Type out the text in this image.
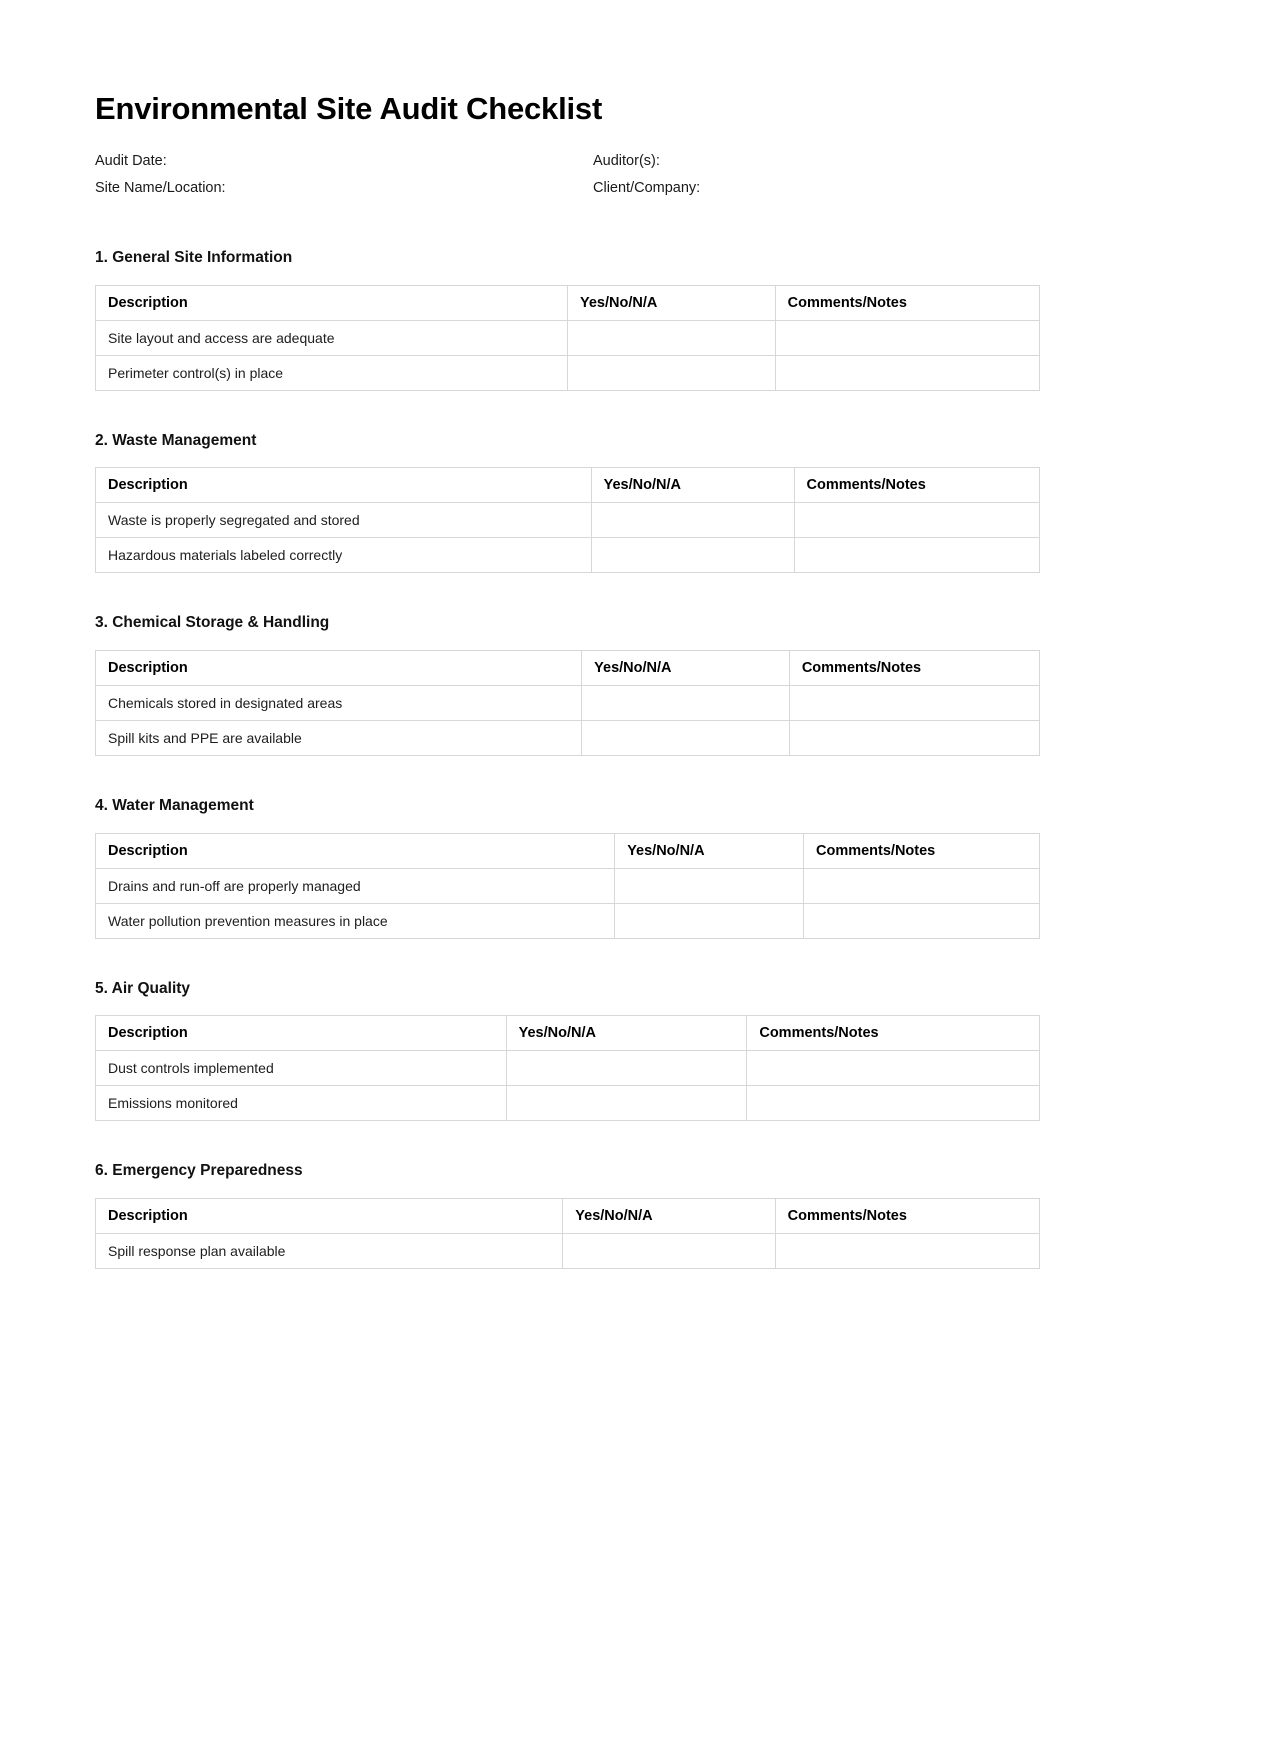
Environmental Site Audit Checklist
Audit Date:	Auditor(s):
Site Name/Location:	Client/Company:
1. General Site Information
Description	Yes/No/N/A	Comments/Notes
Site layout and access are adequate		
Perimeter control(s) in place		
2. Waste Management
Description	Yes/No/N/A	Comments/Notes
Waste is properly segregated and stored		
Hazardous materials labeled correctly		
3. Chemical Storage & Handling
Description	Yes/No/N/A	Comments/Notes
Chemicals stored in designated areas		
Spill kits and PPE are available		
4. Water Management
Description	Yes/No/N/A	Comments/Notes
Drains and run-off are properly managed		
Water pollution prevention measures in place		
5. Air Quality
Description	Yes/No/N/A	Comments/Notes
Dust controls implemented		
Emissions monitored		
6. Emergency Preparedness
Description	Yes/No/N/A	Comments/Notes
Spill response plan available		
